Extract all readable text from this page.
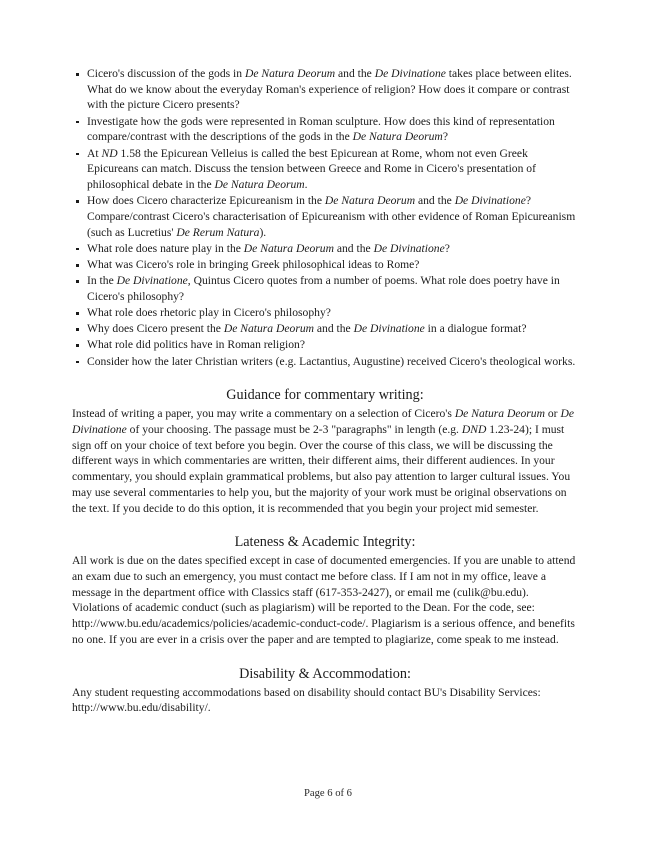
Cicero's discussion of the gods in De Natura Deorum and the De Divinatione takes place between elites. What do we know about the everyday Roman's experience of religion? How does it compare or contrast with the picture Cicero presents?
Investigate how the gods were represented in Roman sculpture. How does this kind of representation compare/contrast with the descriptions of the gods in the De Natura Deorum?
At ND 1.58 the Epicurean Velleius is called the best Epicurean at Rome, whom not even Greek Epicureans can match. Discuss the tension between Greece and Rome in Cicero's presentation of philosophical debate in the De Natura Deorum.
How does Cicero characterize Epicureanism in the De Natura Deorum and the De Divinatione? Compare/contrast Cicero's characterisation of Epicureanism with other evidence of Roman Epicureanism (such as Lucretius' De Rerum Natura).
What role does nature play in the De Natura Deorum and the De Divinatione?
What was Cicero's role in bringing Greek philosophical ideas to Rome?
In the De Divinatione, Quintus Cicero quotes from a number of poems. What role does poetry have in Cicero's philosophy?
What role does rhetoric play in Cicero's philosophy?
Why does Cicero present the De Natura Deorum and the De Divinatione in a dialogue format?
What role did politics have in Roman religion?
Consider how the later Christian writers (e.g. Lactantius, Augustine) received Cicero's theological works.
Guidance for commentary writing:

Instead of writing a paper, you may write a commentary on a selection of Cicero's De Natura Deorum or De Divinatione of your choosing. The passage must be 2-3 "paragraphs" in length (e.g. DND 1.23-24); I must sign off on your choice of text before you begin. Over the course of this class, we will be discussing the different ways in which commentaries are written, their different aims, their different audiences. In your commentary, you should explain grammatical problems, but also pay attention to larger cultural issues. You may use several commentaries to help you, but the majority of your work must be original observations on the text. If you decide to do this option, it is recommended that you begin your project mid semester.

Lateness & Academic Integrity:

All work is due on the dates specified except in case of documented emergencies. If you are unable to attend an exam due to such an emergency, you must contact me before class. If I am not in my office, leave a message in the department office with Classics staff (617-353-2427), or email me (culik@bu.edu). Violations of academic conduct (such as plagiarism) will be reported to the Dean. For the code, see: http://www.bu.edu/academics/policies/academic-conduct-code/. Plagiarism is a serious offence, and benefits no one. If you are ever in a crisis over the paper and are tempted to plagiarize, come speak to me instead.

Disability & Accommodation:

Any student requesting accommodations based on disability should contact BU's Disability Services: http://www.bu.edu/disability/.

Page 6 of 6
